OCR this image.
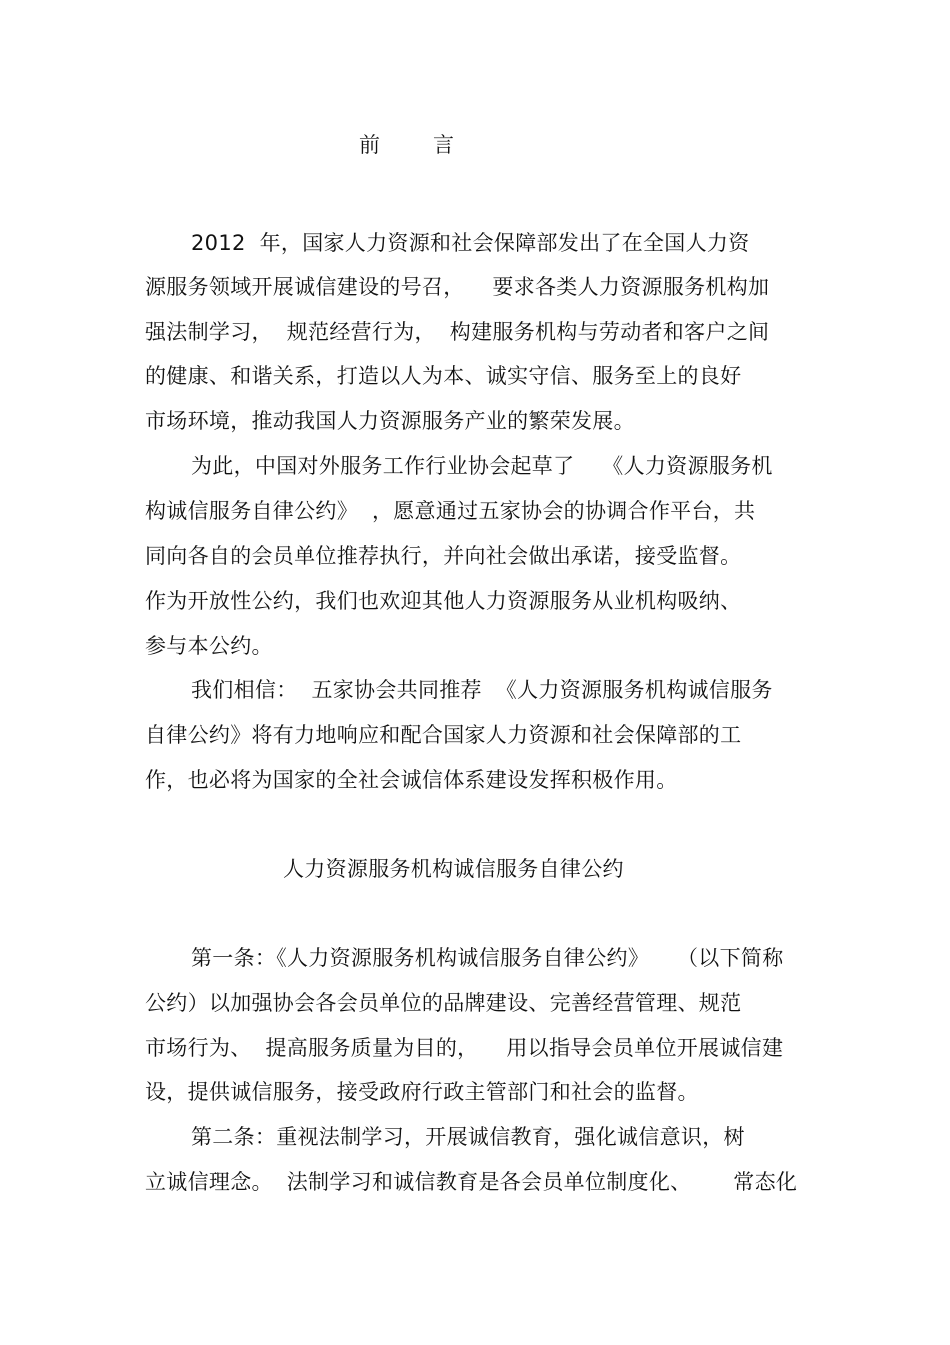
前	言
2012  年，国家人力资源和社会保障部发出了在全国人力资
源服务领域开展诚信建设的号召，    要求各类人力资源服务机构加
强法制学习，  规范经营行为，  构建服务机构与劳动者和客户之间
的健康、和谐关系，打造以人为本、诚实守信、服务至上的良好
市场环境，推动我国人力资源服务产业的繁荣发展。
为此，中国对外服务工作行业协会起草了    《人力资源服务机
构诚信服务自律公约》  ，愿意通过五家协会的协调合作平台，共
同向各自的会员单位推荐执行，并向社会做出承诺，接受监督。
作为开放性公约，我们也欢迎其他人力资源服务从业机构吸纳、
参与本公约。
我们相信：  五家协会共同推荐  《人力资源服务机构诚信服务
自律公约》将有力地响应和配合国家人力资源和社会保障部的工
作，也必将为国家的全社会诚信体系建设发挥积极作用。
人力资源服务机构诚信服务自律公约
第一条：《人力资源服务机构诚信服务自律公约》    （以下简称
公约）以加强协会各会员单位的品牌建设、完善经营管理、规范
市场行为、  提高服务质量为目的，    用以指导会员单位开展诚信建
设，提供诚信服务，接受政府行政主管部门和社会的监督。
第二条：重视法制学习，开展诚信教育，强化诚信意识，树
立诚信理念。  法制学习和诚信教育是各会员单位制度化、      常态化
